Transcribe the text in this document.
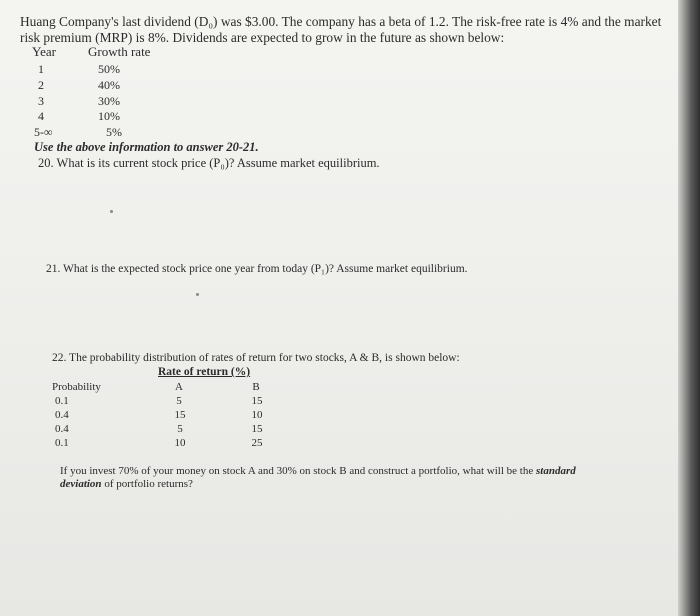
Huang Company's last dividend (D₀) was $3.00. The company has a beta of 1.2. The risk-free rate is 4% and the market
risk premium (MRP) is 8%. Dividends are expected to grow in the future as shown below:
Year Growth rate
1	50%
2	40%
3	30%
4	10%
5-∞	5%
Use the above information to answer 20-21.
20. What is its current stock price (P₀)? Assume market equilibrium.
21. What is the expected stock price one year from today (P₁)? Assume market equilibrium.
22. The probability distribution of rates of return for two stocks, A & B, is shown below:
Rate of return (%)
Probability	A	B
0.1	5	15
0.4	15	10
0.4	5	15
0.1	10	25
If you invest 70% of your money on stock A and 30% on stock B and construct a portfolio, what will be the standard
deviation of portfolio returns?
